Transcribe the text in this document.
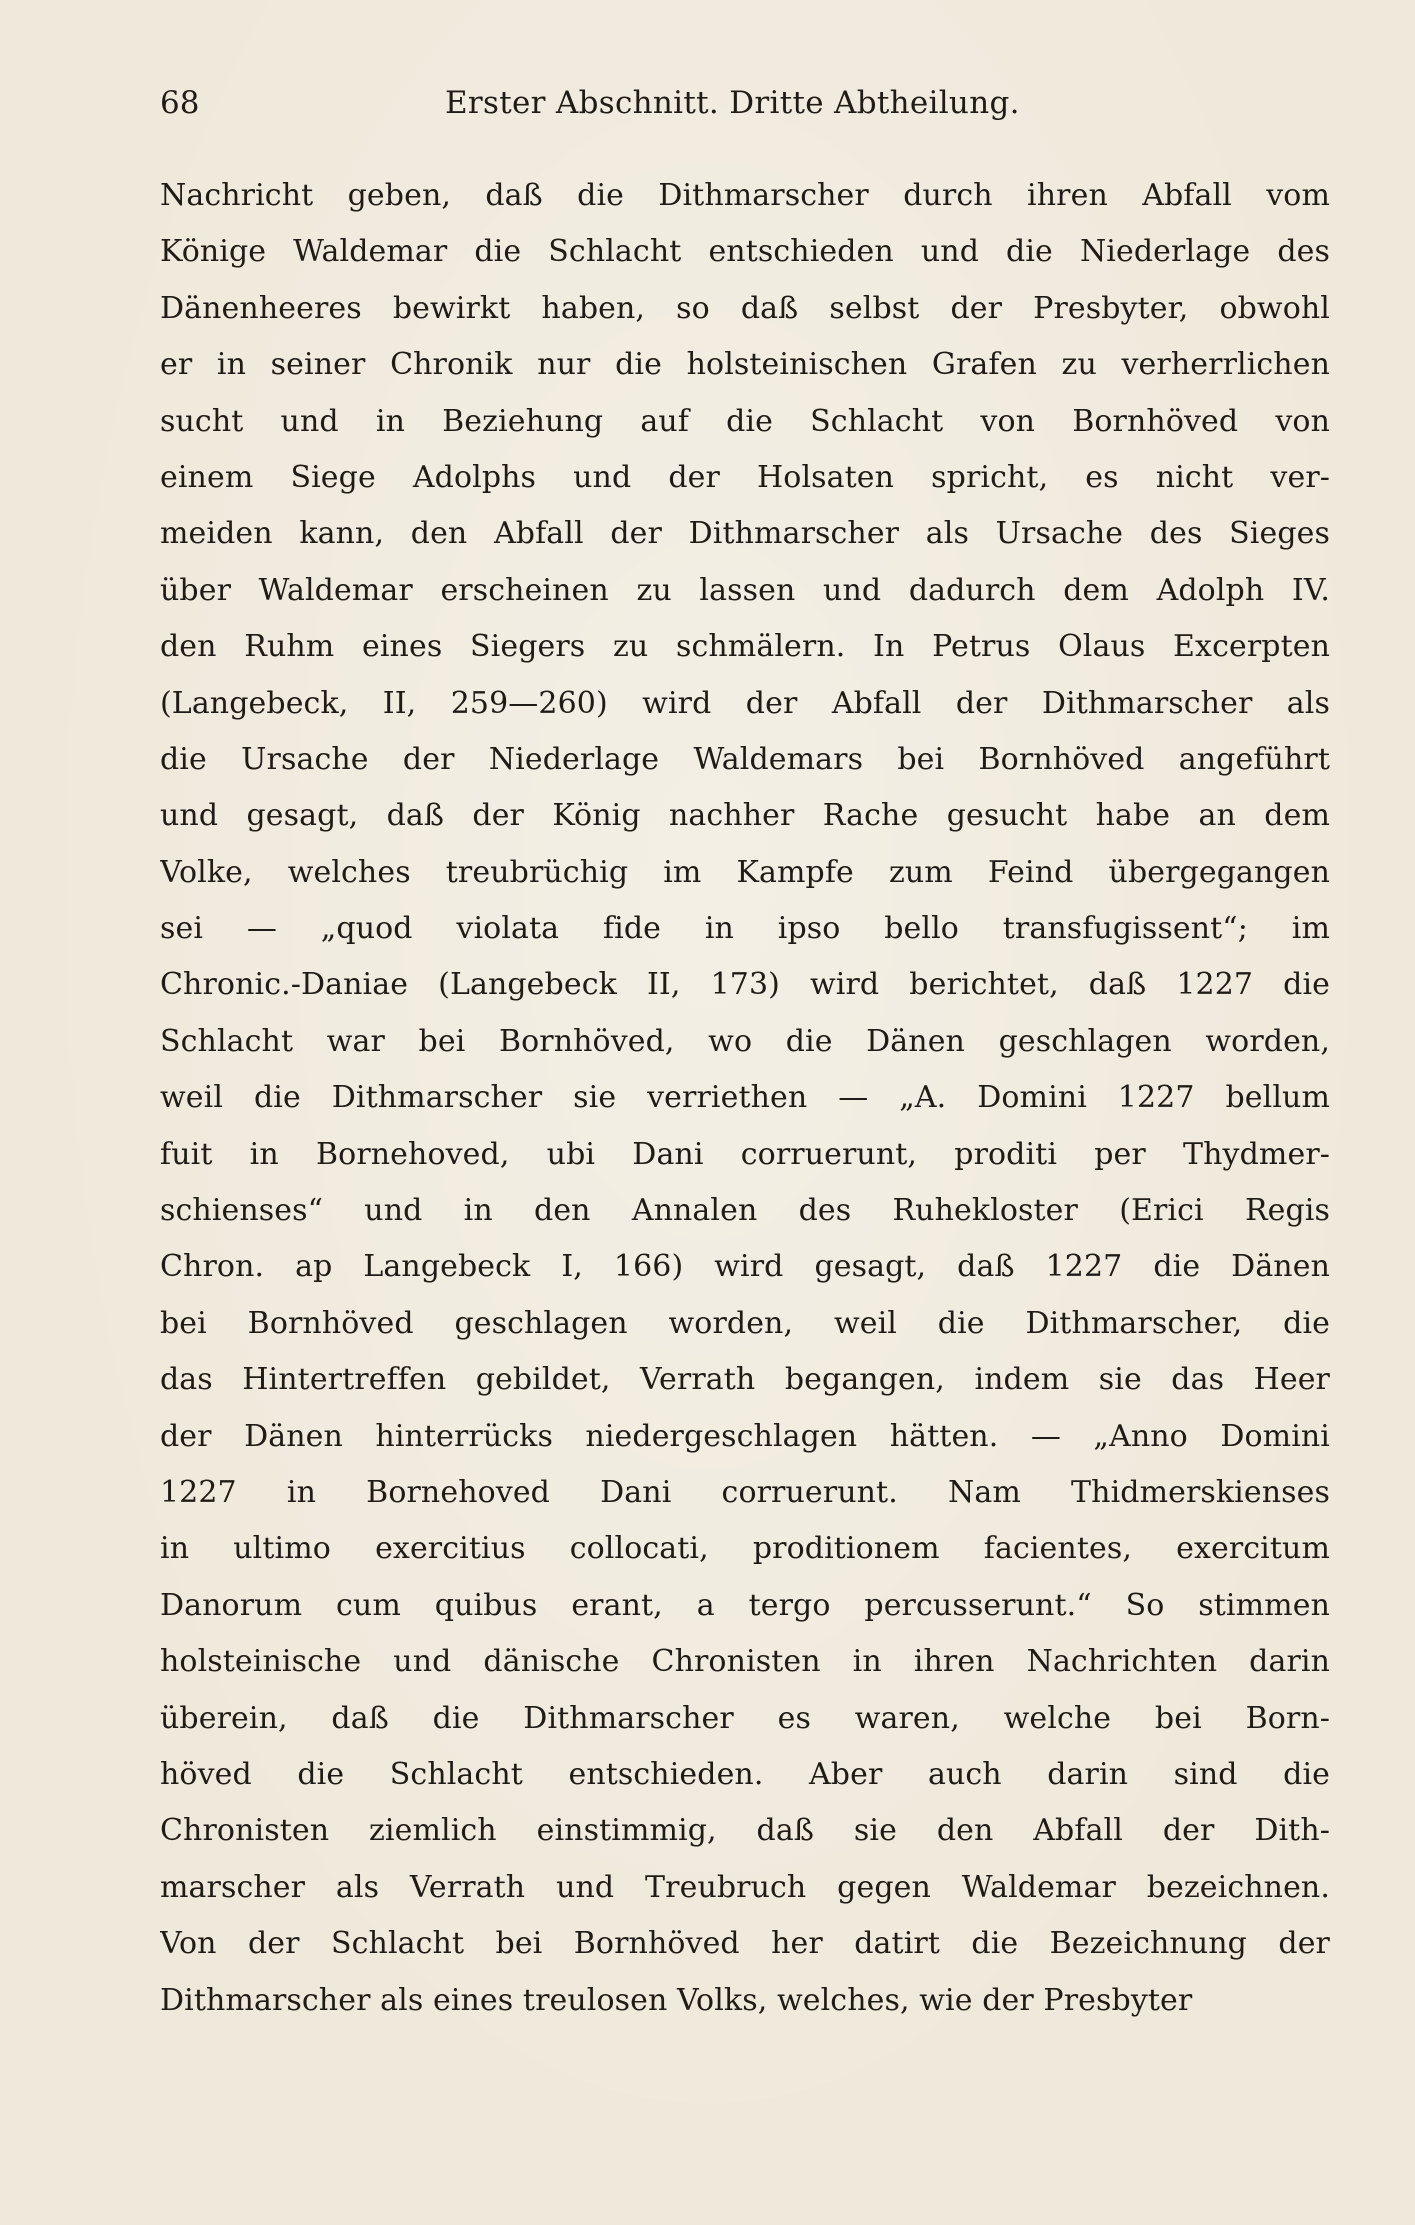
68	Erster Abschnitt. Dritte Abtheilung.
Nachricht geben, daß die Dithmarscher durch ihren Abfall vom
Könige Waldemar die Schlacht entschieden und die Niederlage des
Dänenheeres bewirkt haben, so daß selbst der Presbyter, obwohl
er in seiner Chronik nur die holsteinischen Grafen zu verherrlichen
sucht und in Beziehung auf die Schlacht von Bornhöved von
einem Siege Adolphs und der Holsaten spricht, es nicht ver-
meiden kann, den Abfall der Dithmarscher als Ursache des Sieges
über Waldemar erscheinen zu lassen und dadurch dem Adolph IV.
den Ruhm eines Siegers zu schmälern. In Petrus Olaus Excerpten
(Langebeck, II, 259—260) wird der Abfall der Dithmarscher als
die Ursache der Niederlage Waldemars bei Bornhöved angeführt
und gesagt, daß der König nachher Rache gesucht habe an dem
Volke, welches treubrüchig im Kampfe zum Feind übergegangen
sei — „quod violata fide in ipso bello transfugissent“; im
Chronic.-Daniae (Langebeck II, 173) wird berichtet, daß 1227 die
Schlacht war bei Bornhöved, wo die Dänen geschlagen worden,
weil die Dithmarscher sie verriethen — „A. Domini 1227 bellum
fuit in Bornehoved, ubi Dani corruerunt, proditi per Thydmer-
schienses“ und in den Annalen des Ruhekloster (Erici Regis
Chron. ap Langebeck I, 166) wird gesagt, daß 1227 die Dänen
bei Bornhöved geschlagen worden, weil die Dithmarscher, die
das Hintertreffen gebildet, Verrath begangen, indem sie das Heer
der Dänen hinterrücks niedergeschlagen hätten. — „Anno Domini
1227 in Bornehoved Dani corruerunt. Nam Thidmerskienses
in ultimo exercitius collocati, proditionem facientes, exercitum
Danorum cum quibus erant, a tergo percusserunt.“ So stimmen
holsteinische und dänische Chronisten in ihren Nachrichten darin
überein, daß die Dithmarscher es waren, welche bei Born-
höved die Schlacht entschieden. Aber auch darin sind die
Chronisten ziemlich einstimmig, daß sie den Abfall der Dith-
marscher als Verrath und Treubruch gegen Waldemar bezeichnen.
Von der Schlacht bei Bornhöved her datirt die Bezeichnung der
Dithmarscher als eines treulosen Volks, welches, wie der Presbyter
